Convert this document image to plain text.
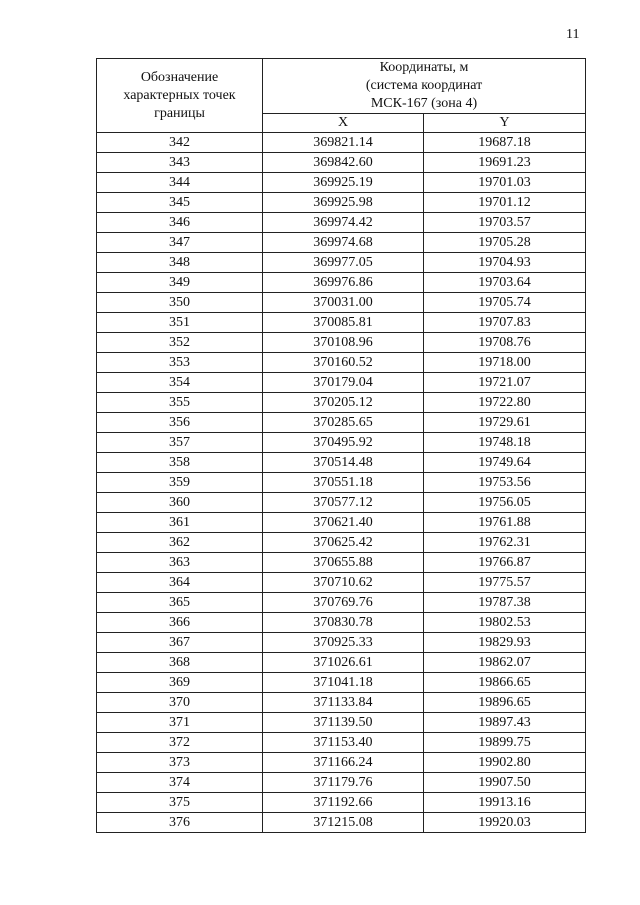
11
Обозначение
характерных точек
границы	Координаты, м
(система координат
МСК-167 (зона 4)	

	X	Y
342	369821.14	19687.18
343	369842.60	19691.23
344	369925.19	19701.03
345	369925.98	19701.12
346	369974.42	19703.57
347	369974.68	19705.28
348	369977.05	19704.93
349	369976.86	19703.64
350	370031.00	19705.74
351	370085.81	19707.83
352	370108.96	19708.76
353	370160.52	19718.00
354	370179.04	19721.07
355	370205.12	19722.80
356	370285.65	19729.61
357	370495.92	19748.18
358	370514.48	19749.64
359	370551.18	19753.56
360	370577.12	19756.05
361	370621.40	19761.88
362	370625.42	19762.31
363	370655.88	19766.87
364	370710.62	19775.57
365	370769.76	19787.38
366	370830.78	19802.53
367	370925.33	19829.93
368	371026.61	19862.07
369	371041.18	19866.65
370	371133.84	19896.65
371	371139.50	19897.43
372	371153.40	19899.75
373	371166.24	19902.80
374	371179.76	19907.50
375	371192.66	19913.16
376	371215.08	19920.03
